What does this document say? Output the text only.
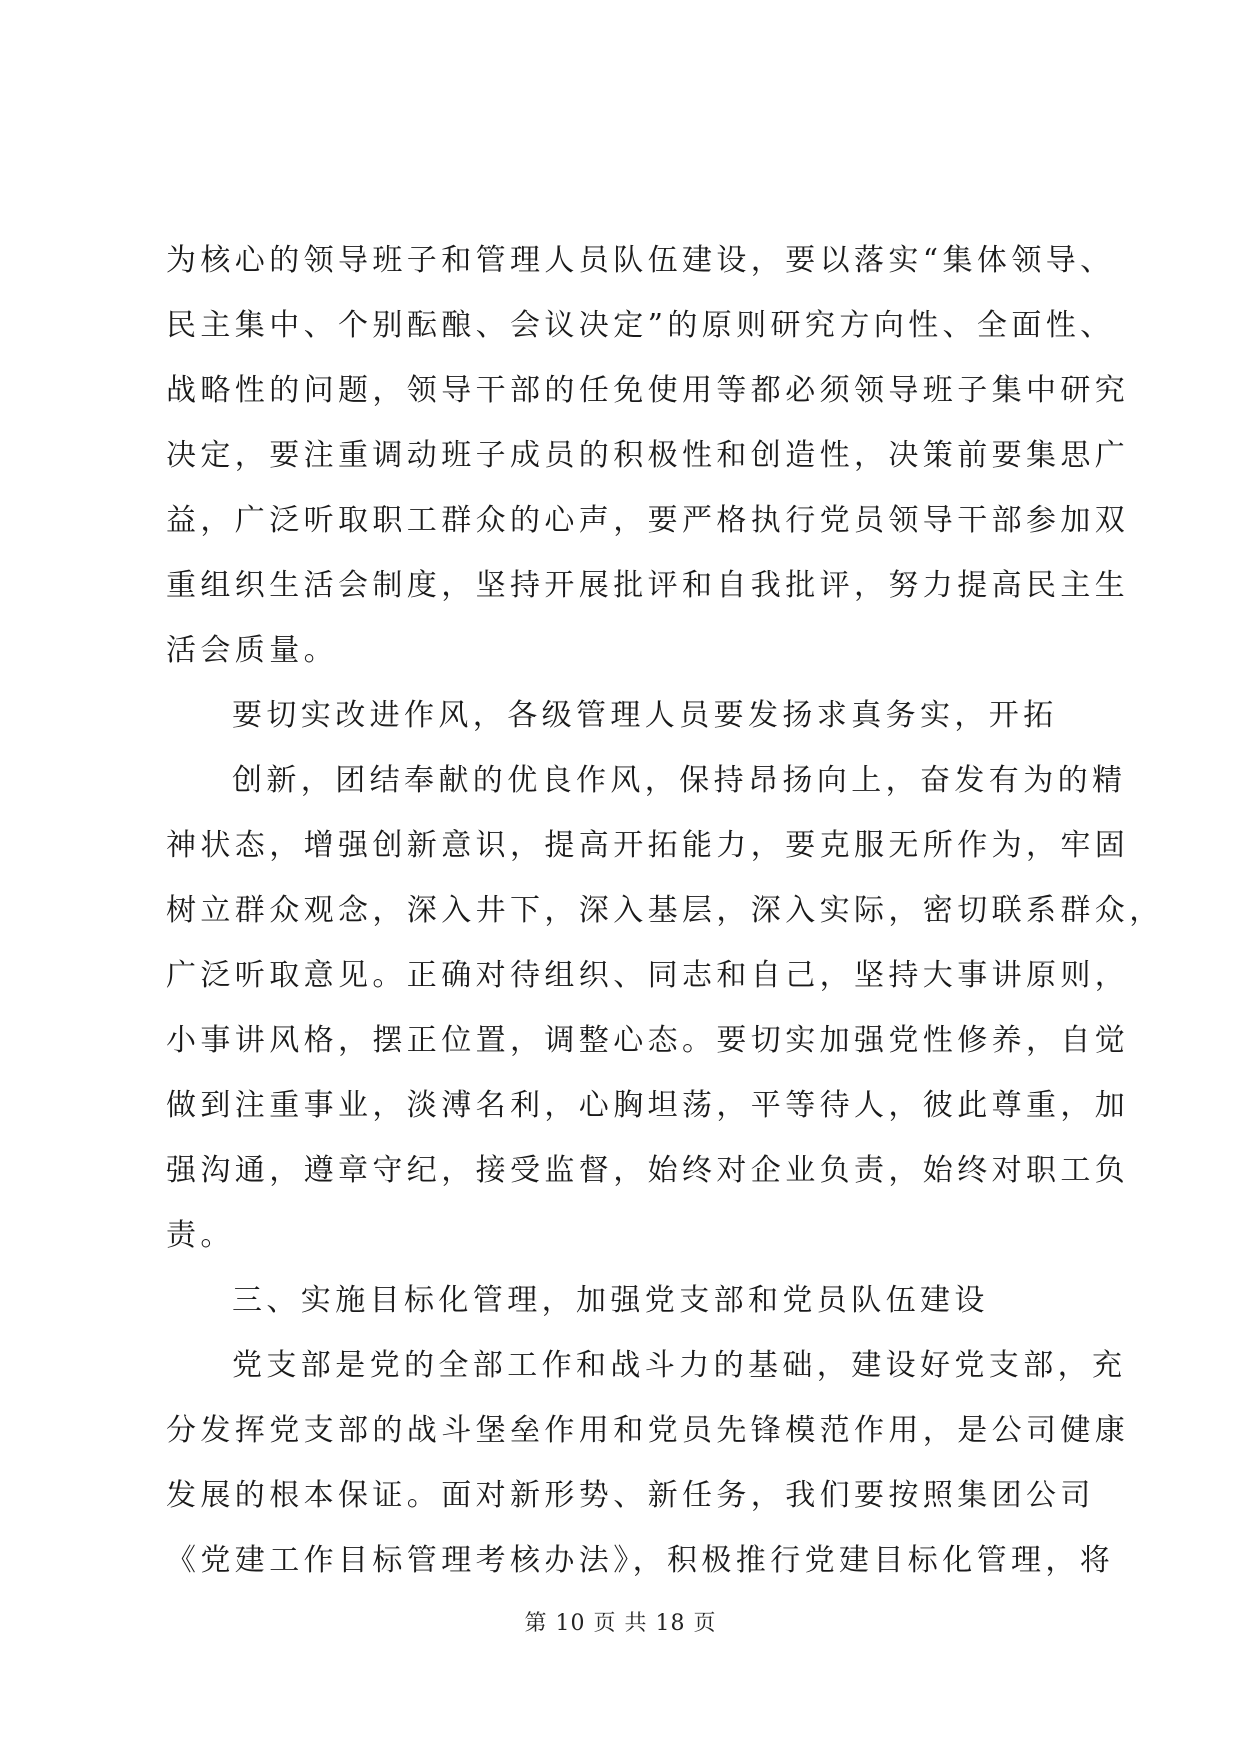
为核心的领导班子和管理人员队伍建设，要以落实“集体领导、
民主集中、个别酝酿、会议决定”的原则研究方向性、全面性、
战略性的问题，领导干部的任免使用等都必须领导班子集中研究
决定，要注重调动班子成员的积极性和创造性，决策前要集思广
益，广泛听取职工群众的心声，要严格执行党员领导干部参加双
重组织生活会制度，坚持开展批评和自我批评，努力提高民主生
活会质量。
要切实改进作风，各级管理人员要发扬求真务实，开拓
创新，团结奉献的优良作风，保持昂扬向上，奋发有为的精
神状态，增强创新意识，提高开拓能力，要克服无所作为，牢固
树立群众观念，深入井下，深入基层，深入实际，密切联系群众，
广泛听取意见。正确对待组织、同志和自己，坚持大事讲原则，
小事讲风格，摆正位置，调整心态。要切实加强党性修养，自觉
做到注重事业，淡溥名利，心胸坦荡，平等待人，彼此尊重，加
强沟通，遵章守纪，接受监督，始终对企业负责，始终对职工负
责。
三、实施目标化管理，加强党支部和党员队伍建设
党支部是党的全部工作和战斗力的基础，建设好党支部，充
分发挥党支部的战斗堡垒作用和党员先锋模范作用，是公司健康
发展的根本保证。面对新形势、新任务，我们要按照集团公司
《党建工作目标管理考核办法》，积极推行党建目标化管理，将
第 10 页 共 18 页
